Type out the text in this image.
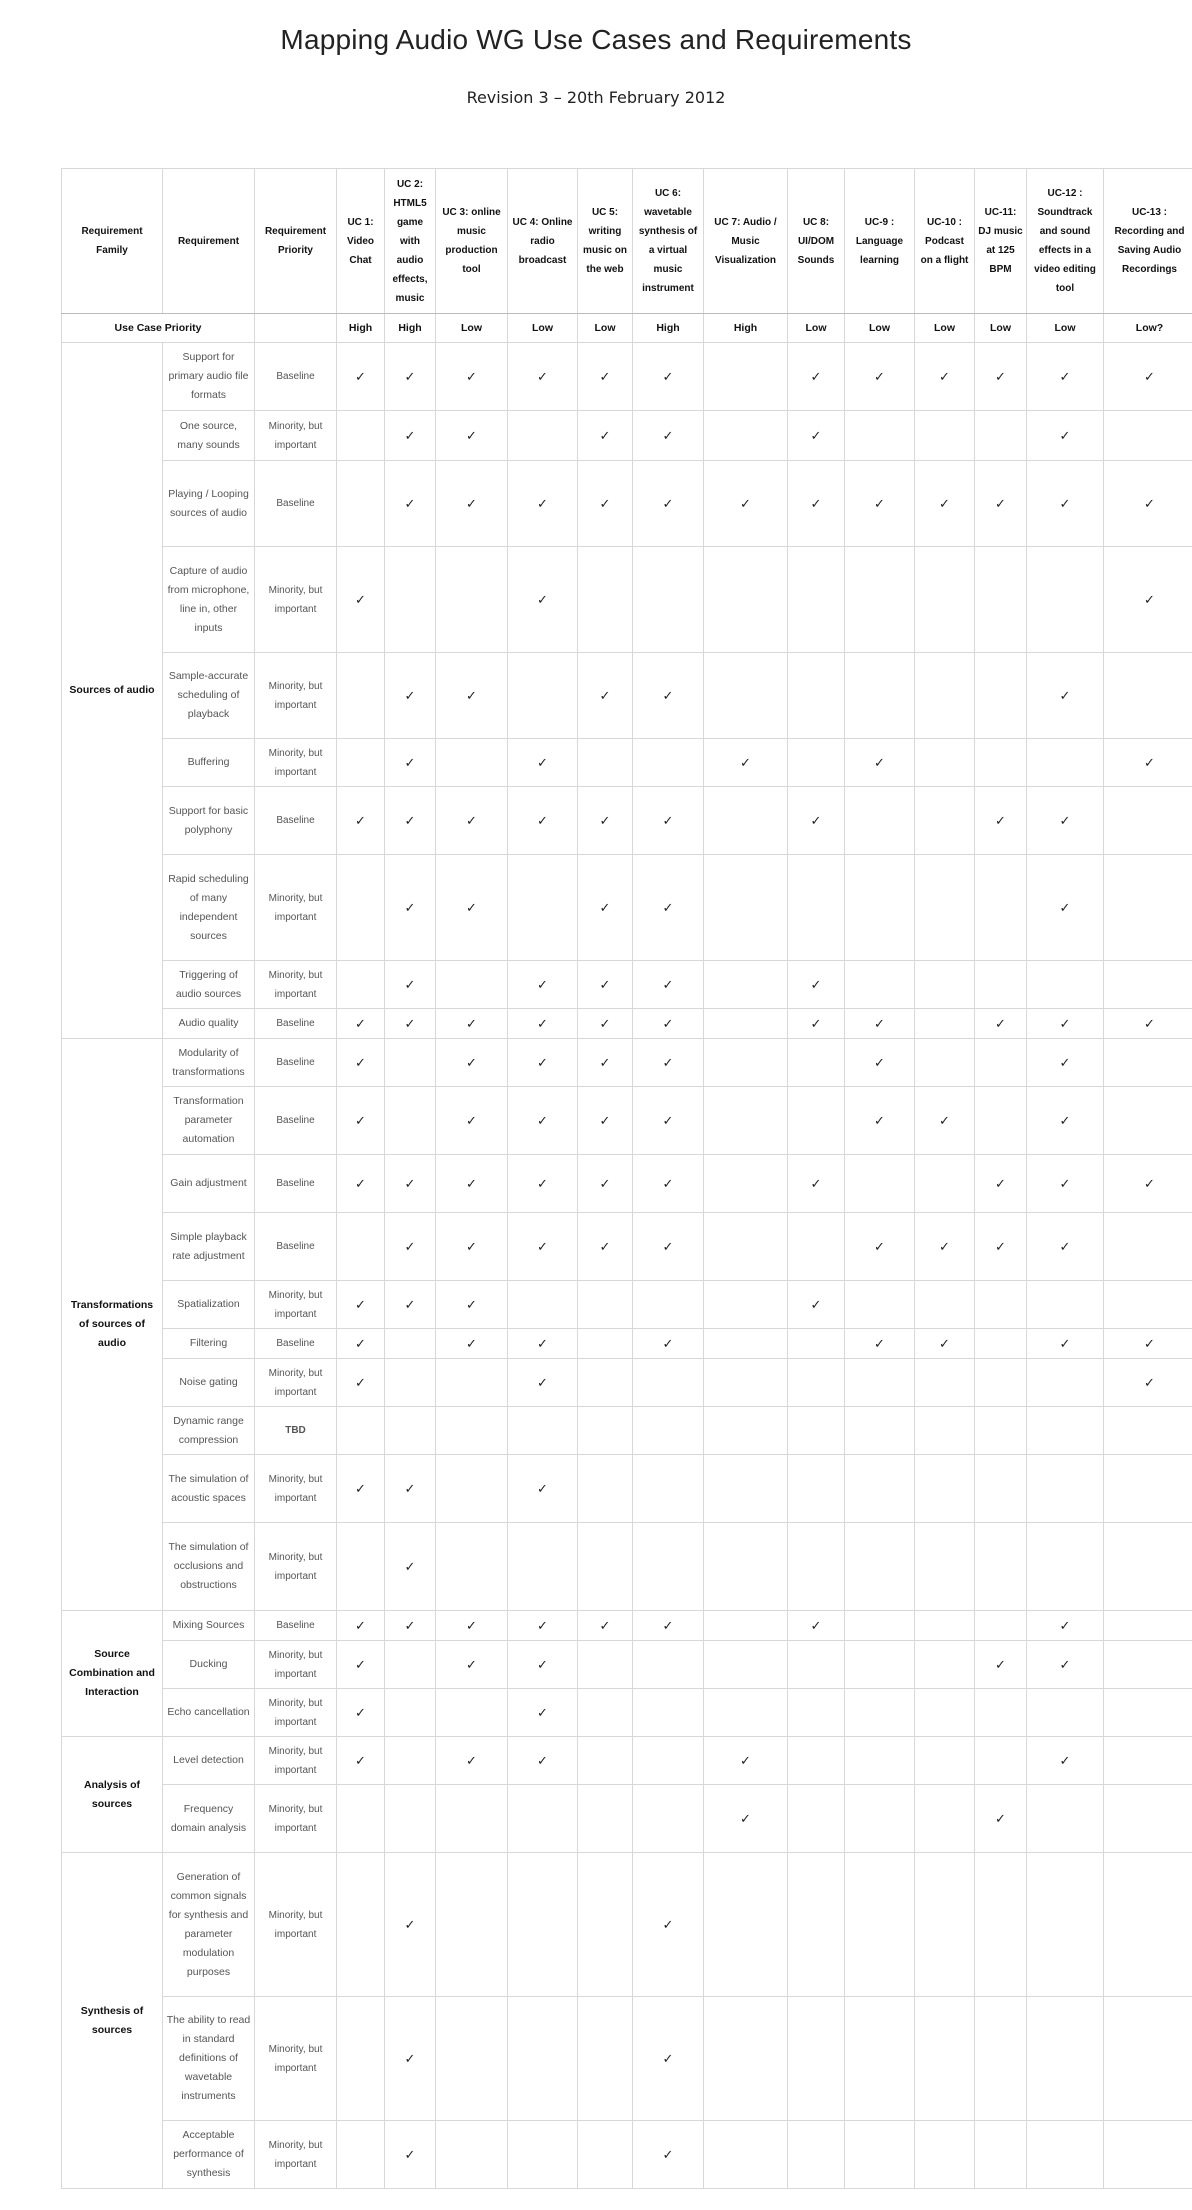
Mapping Audio WG Use Cases and Requirements
Revision 3 – 20th February 2012
Requirement Family	Requirement	Requirement Priority	UC 1: Video Chat	UC 2: HTML5 game with audio effects, music	UC 3: online music production tool	UC 4: Online radio broadcast	UC 5: writing music on the web	UC 6: wavetable synthesis of a virtual music instrument	UC 7: Audio / Music Visualization	UC 8: UI/DOM Sounds	UC-9 : Language learning	UC-10 : Podcast on a flight	UC-11: DJ music at 125 BPM	UC-12 : Soundtrack and sound effects in a video editing tool	UC-13 : Recording and Saving Audio Recordings
Use Case Priority			High	High	Low	Low	Low	High	High	Low	Low	Low	Low	Low	Low?
Sources of audio	Support for primary audio file formats	Baseline	✓	✓	✓	✓	✓	✓		✓	✓	✓	✓	✓	✓
	One source, many sounds	Minority, but important		✓	✓		✓	✓		✓				✓	
	Playing / Looping sources of audio	Baseline		✓	✓	✓	✓	✓	✓	✓	✓	✓	✓	✓	✓
	Capture of audio from microphone, line in, other inputs	Minority, but important	✓			✓									✓
	Sample-accurate scheduling of playback	Minority, but important		✓	✓		✓	✓						✓	
	Buffering	Minority, but important		✓		✓			✓		✓				✓
	Support for basic polyphony	Baseline	✓	✓	✓	✓	✓	✓		✓			✓	✓	
	Rapid scheduling of many independent sources	Minority, but important		✓	✓		✓	✓						✓	
	Triggering of audio sources	Minority, but important		✓		✓	✓	✓		✓					
	Audio quality	Baseline	✓	✓	✓	✓	✓	✓		✓	✓		✓	✓	✓
Transformations of sources of audio	Modularity of transformations	Baseline	✓		✓	✓	✓	✓			✓			✓	
	Transformation parameter automation	Baseline	✓		✓	✓	✓	✓			✓	✓		✓	
	Gain adjustment	Baseline	✓	✓	✓	✓	✓	✓		✓			✓	✓	✓
	Simple playback rate adjustment	Baseline		✓	✓	✓	✓	✓			✓	✓	✓	✓	
	Spatialization	Minority, but important	✓	✓	✓					✓					
	Filtering	Baseline	✓		✓	✓		✓			✓	✓		✓	✓
	Noise gating	Minority, but important	✓			✓									✓
	Dynamic range compression	TBD													
	The simulation of acoustic spaces	Minority, but important	✓	✓		✓									
	The simulation of occlusions and obstructions	Minority, but important		✓											
Source Combination and Interaction	Mixing Sources	Baseline	✓	✓	✓	✓	✓	✓		✓				✓	
	Ducking	Minority, but important	✓		✓	✓							✓	✓	
	Echo cancellation	Minority, but important	✓			✓									
Analysis of sources	Level detection	Minority, but important	✓		✓	✓			✓					✓	
	Frequency domain analysis	Minority, but important							✓				✓		
Synthesis of sources	Generation of common signals for synthesis and parameter modulation purposes	Minority, but important		✓				✓							
	The ability to read in standard definitions of wavetable instruments	Minority, but important		✓				✓							
	Acceptable performance of synthesis	Minority, but important		✓				✓							
